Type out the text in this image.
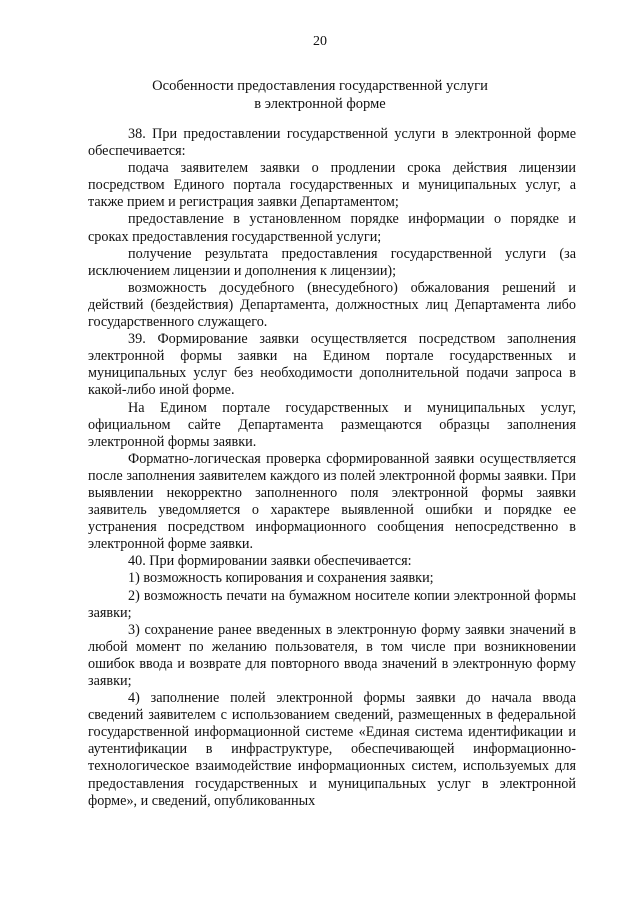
20
Особенности предоставления государственной услуги
в электронной форме

38. При предоставлении государственной услуги в электронной форме обеспечивается:

подача заявителем заявки о продлении срока действия лицензии посредством Единого портала государственных и муниципальных услуг, а также прием и регистрация заявки Департаментом;

предоставление в установленном порядке информации о порядке и сроках предоставления государственной услуги;

получение результата предоставления государственной услуги (за исключением лицензии и дополнения к лицензии);

возможность досудебного (внесудебного) обжалования решений и действий (бездействия) Департамента, должностных лиц Департамента либо государственного служащего.

39. Формирование заявки осуществляется посредством заполнения электронной формы заявки на Едином портале государственных и муниципальных услуг без необходимости дополнительной подачи запроса в какой-либо иной форме.

На Едином портале государственных и муниципальных услуг, официальном сайте Департамента размещаются образцы заполнения электронной формы заявки.

Форматно-логическая проверка сформированной заявки осуществляется после заполнения заявителем каждого из полей электронной формы заявки. При выявлении некорректно заполненного поля электронной формы заявки заявитель уведомляется о характере выявленной ошибки и порядке ее устранения посредством информационного сообщения непосредственно в электронной форме заявки.

40. При формировании заявки обеспечивается:

1) возможность копирования и сохранения заявки;

2) возможность печати на бумажном носителе копии электронной формы заявки;

3) сохранение ранее введенных в электронную форму заявки значений в любой момент по желанию пользователя, в том числе при возникновении ошибок ввода и возврате для повторного ввода значений в электронную форму заявки;

4) заполнение полей электронной формы заявки до начала ввода сведений заявителем с использованием сведений, размещенных в федеральной государственной информационной системе «Единая система идентификации и аутентификации в инфраструктуре, обеспечивающей информационно-технологическое взаимодействие информационных систем, используемых для предоставления государственных и муниципальных услуг в электронной форме», и сведений, опубликованных
